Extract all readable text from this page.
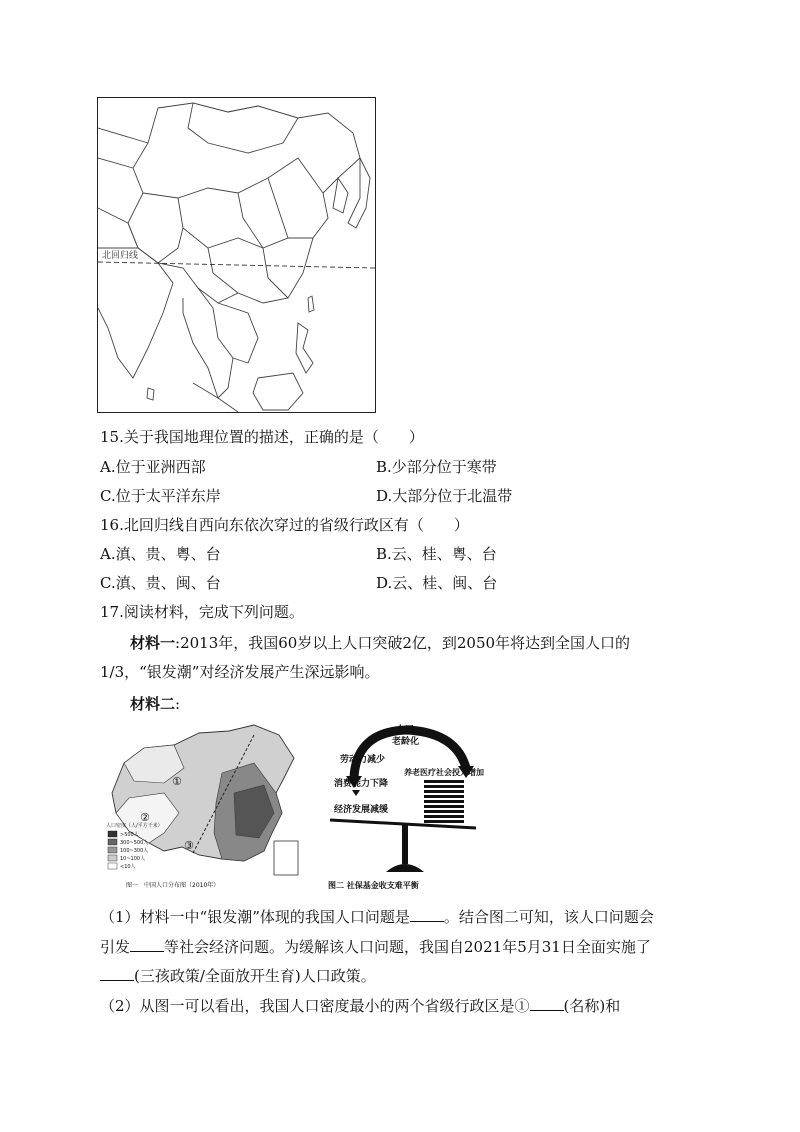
北回归线
15.关于我国地理位置的描述，正确的是（　　）
A.位于亚洲西部	B.少部分位于寒带
C.位于太平洋东岸	D.大部分位于北温带
16.北回归线自西向东依次穿过的省级行政区有（　　）
A.滇、贵、粤、台	B.云、桂、粤、台
C.滇、贵、闽、台	D.云、桂、闽、台
17.阅读材料，完成下列问题。
材料一:2013年，我国60岁以上人口突破2亿，到2050年将达到全国人口的
1/3，“银发潮”对经济发展产生深远影响。
材料二:
①
②
③
人口密度（人/平方千米）
>500人
300~500人
100~300人
10~100人
<10人
图一　中国人口分布图（2010年）
人口
老龄化
劳动力减少
消费能力下降
经济发展减缓
养老医疗社会投入增加
图二 社保基金收支难平衡
（1）材料一中“银发潮”体现的我国人口问题是 。结合图二可知，该人口问题会
引发 等社会经济问题。为缓解该人口问题，我国自2021年5月31日全面实施了
(三孩政策/全面放开生育)人口政策。
（2）从图一可以看出，我国人口密度最小的两个省级行政区是① (名称)和
